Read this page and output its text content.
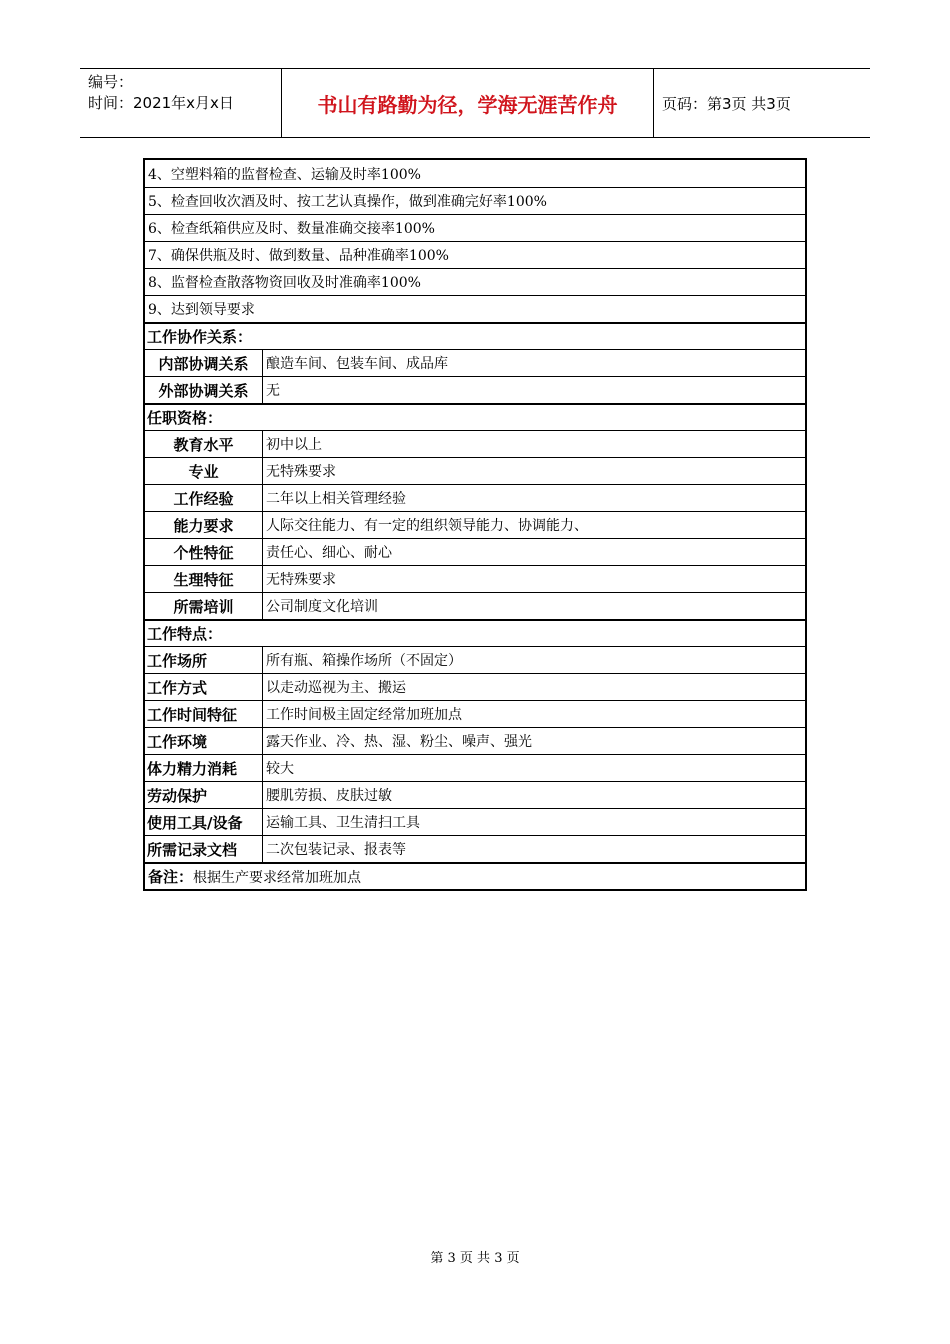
编号：
时间：2021年x月x日	书山有路勤为径，学海无涯苦作舟	页码：第3页 共3页
4、空塑料箱的监督检查、运输及时率100%
5、检查回收次酒及时、按工艺认真操作，做到准确完好率100%
6、检查纸箱供应及时、数量准确交接率100%
7、确保供瓶及时、做到数量、品种准确率100%
8、监督检查散落物资回收及时准确率100%
9、达到领导要求
工作协作关系：
内部协调关系	酿造车间、包装车间、成品库
外部协调关系	无
任职资格：
教育水平	初中以上
专业	无特殊要求
工作经验	二年以上相关管理经验
能力要求	人际交往能力、有一定的组织领导能力、协调能力、
个性特征	责任心、细心、耐心
生理特征	无特殊要求
所需培训	公司制度文化培训
工作特点：
工作场所	所有瓶、箱操作场所（不固定）
工作方式	以走动巡视为主、搬运
工作时间特征	工作时间极主固定经常加班加点
工作环境	露天作业、冷、热、湿、粉尘、噪声、强光
体力精力消耗	较大
劳动保护	腰肌劳损、皮肤过敏
使用工具/设备	运输工具、卫生清扫工具
所需记录文档	二次包装记录、报表等
备注： 根据生产要求经常加班加点
第 3 页 共 3 页
